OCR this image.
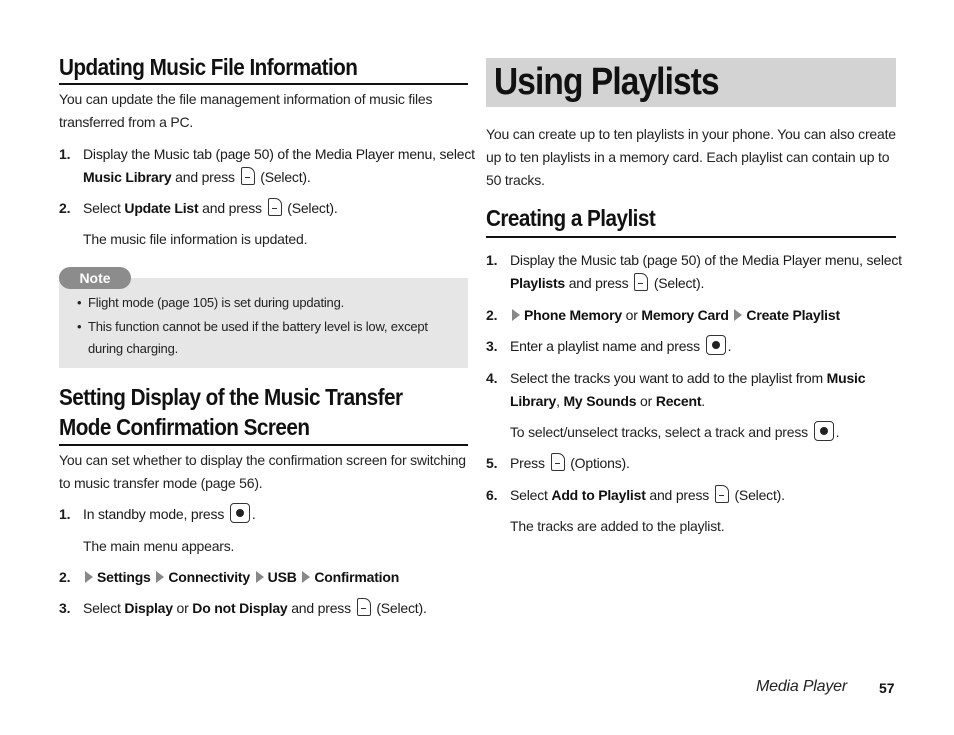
Updating Music File Information

You can update the file management information of music files

transferred from a PC.

1. Display the Music tab (page 50) of the Media Player menu, select
Music Library and press (Select).
2. Select Update List and press (Select).

The music file information is updated.

• Flight mode (page 105) is set during updating.
• This function cannot be used if the battery level is low, except
during charging.
Note
Setting Display of the Music Transfer
Mode Confirmation Screen

You can set whether to display the confirmation screen for switching

to music transfer mode (page 56).

1. In standby mode, press .

The main menu appears.

2.	Settings Connectivity USB Confirmation
3. Select Display or Do not Display and press (Select).
Using Playlists

You can create up to ten playlists in your phone. You can also create

up to ten playlists in a memory card. Each playlist can contain up to

50 tracks.

Creating a Playlist
1. Display the Music tab (page 50) of the Media Player menu, select
Playlists and press (Select).
2.	Phone Memory or Memory Card Create Playlist
3. Enter a playlist name and press .
4. Select the tracks you want to add to the playlist from Music
Library, My Sounds or Recent.

To select/unselect tracks, select a track and press .

5. Press (Options).
6. Select Add to Playlist and press (Select).

The tracks are added to the playlist.

Media Player 57
